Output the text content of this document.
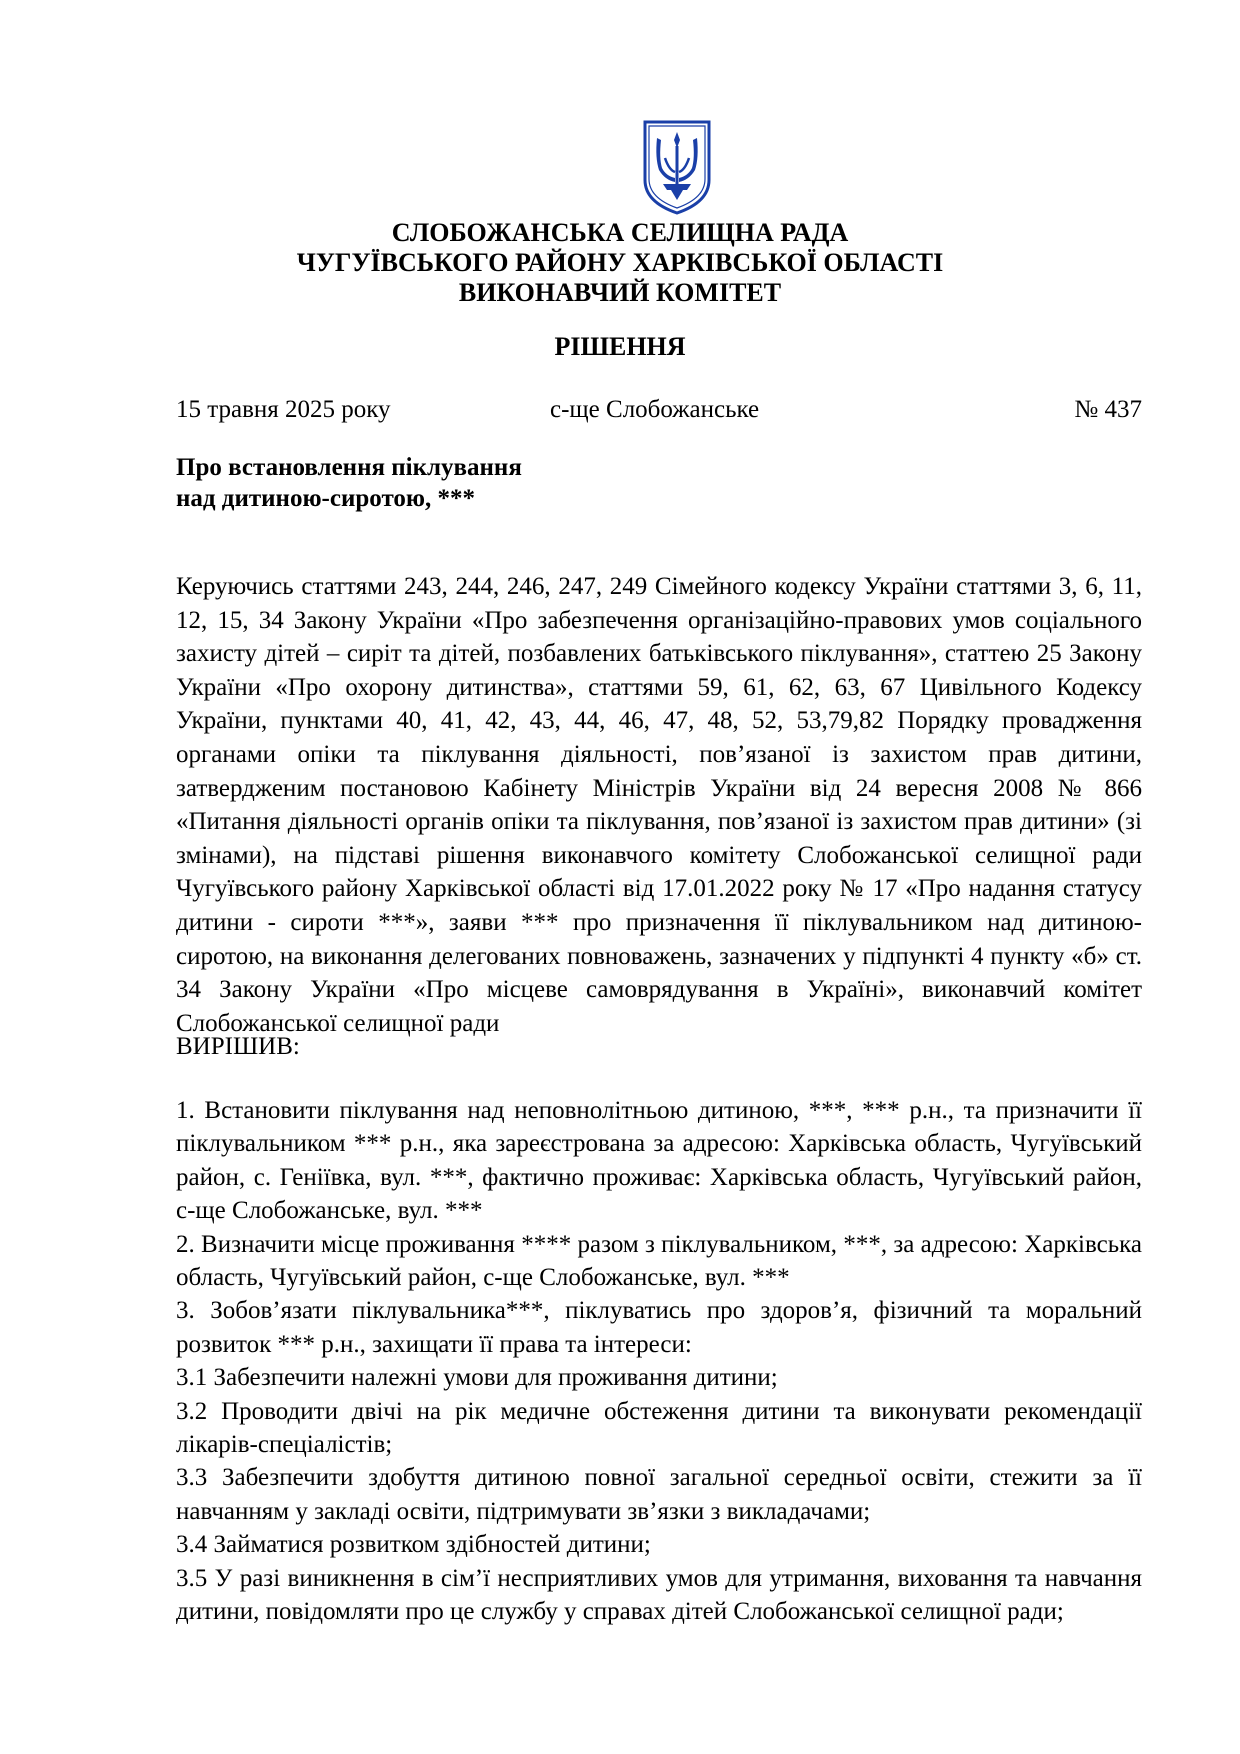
СЛОБОЖАНСЬКА СЕЛИЩНА РАДА
ЧУГУЇВСЬКОГО РАЙОНУ ХАРКІВСЬКОЇ ОБЛАСТІ
ВИКОНАВЧИЙ КОМІТЕТ
РІШЕННЯ
15 травня 2025 року	с-ще Слобожанське	№ 437
Про встановлення піклування
над дитиною-сиротою, ***
Керуючись статтями 243, 244, 246, 247, 249 Сімейного кодексу України статтями 3, 6, 11, 12, 15, 34 Закону України «Про забезпечення організаційно-правових умов соціального захисту дітей – сиріт та дітей, позбавлених батьківського піклування», статтею 25 Закону України «Про охорону дитинства», статтями 59, 61, 62, 63, 67 Цивільного Кодексу України, пунктами 40, 41, 42, 43, 44, 46, 47, 48, 52, 53,79,82 Порядку провадження органами опіки та піклування діяльності, пов’язаної із захистом прав дитини, затвердженим постановою Кабінету Міністрів України від 24 вересня 2008 № 866 «Питання діяльності органів опіки та піклування, пов’язаної із захистом прав дитини» (зі змінами), на підставі рішення виконавчого комітету Слобожанської селищної ради Чугуївського району Харківської області від 17.01.2022 року № 17 «Про надання статусу дитини - сироти ***», заяви *** про призначення її піклувальником над дитиною-сиротою, на виконання делегованих повноважень, зазначених у підпункті 4 пункту «б» ст. 34 Закону України «Про місцеве самоврядування в Україні», виконавчий комітет Слобожанської селищної ради
ВИРІШИВ:

1. Встановити піклування над неповнолітньою дитиною, ***, *** р.н., та призначити її піклувальником *** р.н., яка зареєстрована за адресою: Харківська область, Чугуївський район, с. Геніївка, вул. ***, фактично проживає: Харківська область, Чугуївський район, с-ще Слобожанське, вул. ***

2. Визначити місце проживання **** разом з піклувальником, ***, за адресою: Харківська область, Чугуївський район, с-ще Слобожанське, вул. ***

3. Зобов’язати піклувальника***, піклуватись про здоров’я, фізичний та моральний розвиток *** р.н., захищати її права та інтереси:

3.1 Забезпечити належні умови для проживання дитини;

3.2 Проводити двічі на рік медичне обстеження дитини та виконувати рекомендації лікарів-спеціалістів;

3.3 Забезпечити здобуття дитиною повної загальної середньої освіти, стежити за її навчанням у закладі освіти, підтримувати зв’язки з викладачами;

3.4 Займатися розвитком здібностей дитини;

3.5 У разі виникнення в сім’ї несприятливих умов для утримання, виховання та навчання дитини, повідомляти про це службу у справах дітей Слобожанської селищної ради;
